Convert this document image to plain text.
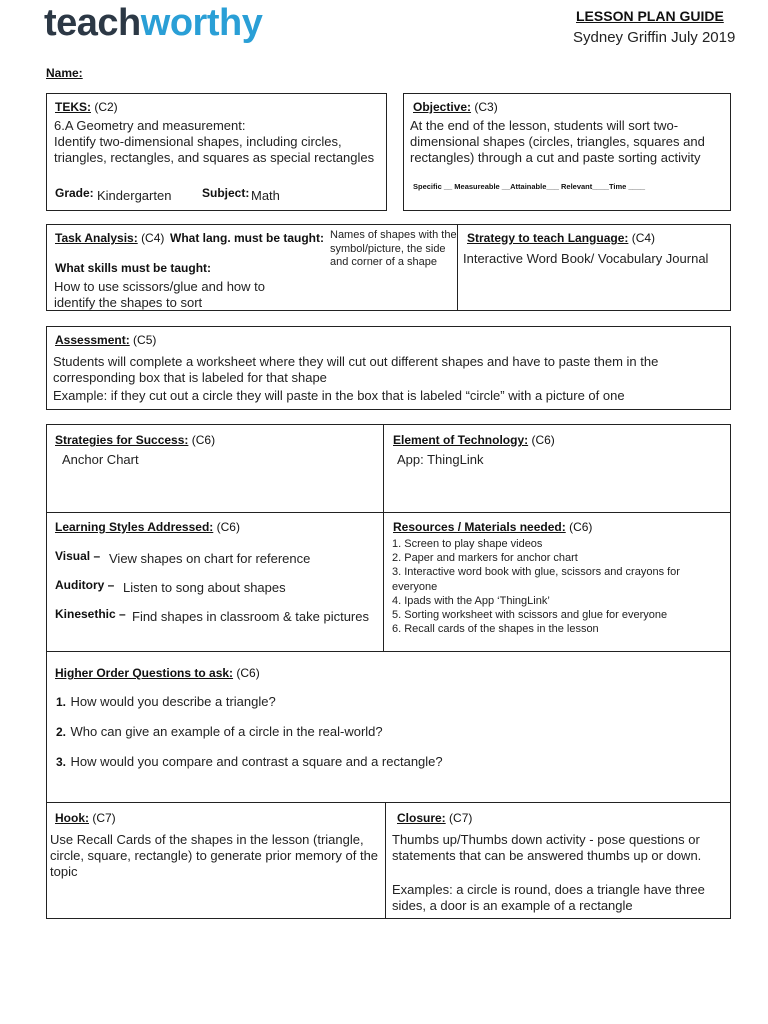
teachworthy	LESSON PLAN GUIDE
Sydney Griffin July 2019
Name:
TEKS: (C2)
6.A Geometry and measurement:
Identify two-dimensional shapes, including circles, triangles, rectangles, and squares as special rectangles
Grade: Kindergarten	Subject: Math
Objective: (C3)
At the end of the lesson, students will sort two-dimensional shapes (circles, triangles, squares and rectangles) through a cut and paste sorting activity
Specific __ Measureable __Attainable___ Relevant____Time ____
Task Analysis: (C4) What lang. must be taught: Names of shapes with the symbol/picture, the side and corner of a shape
What skills must be taught:
How to use scissors/glue and how to identify the shapes to sort
Strategy to teach Language: (C4)
Interactive Word Book/ Vocabulary Journal
Assessment: (C5)
Students will complete a worksheet where they will cut out different shapes and have to paste them in the corresponding box that is labeled for that shape
Example: if they cut out a circle they will paste in the box that is labeled “circle” with a picture of one
Strategies for Success: (C6)
Anchor Chart
Element of Technology: (C6)
App: ThingLink
Learning Styles Addressed: (C6)
Visual – View shapes on chart for reference
Auditory – Listen to song about shapes
Kinesethic – Find shapes in classroom & take pictures
Resources / Materials needed: (C6)
1. Screen to play shape videos
2. Paper and markers for anchor chart
3. Interactive word book with glue, scissors and crayons for everyone
4. Ipads with the App ‘ThingLink’
5. Sorting worksheet with scissors and glue for everyone
6. Recall cards of the shapes in the lesson
Higher Order Questions to ask: (C6)
1. How would you describe a triangle?
2. Who can give an example of a circle in the real-world?
3. How would you compare and contrast a square and a rectangle?
Hook: (C7)
Use Recall Cards of the shapes in the lesson (triangle, circle, square, rectangle) to generate prior memory of the topic
Closure: (C7)
Thumbs up/Thumbs down activity - pose questions or statements that can be answered thumbs up or down.
Examples: a circle is round, does a triangle have three sides, a door is an example of a rectangle
